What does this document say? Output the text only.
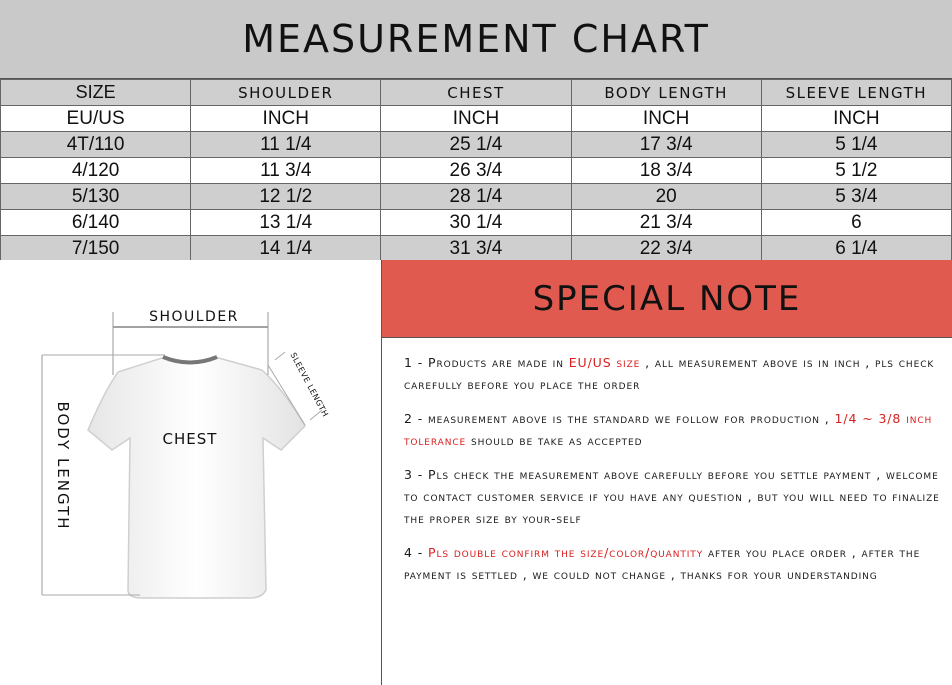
MEASUREMENT CHART
SIZE	SHOULDER	CHEST	BODY LENGTH	SLEEVE LENGTH
EU/US	INCH	INCH	INCH	INCH
4T/110	11 1/4	25 1/4	17 3/4	5 1/4
4/120	11 3/4	26 3/4	18 3/4	5 1/2
5/130	12 1/2	28 1/4	20	5 3/4
6/140	13 1/4	30 1/4	21 3/4	6
7/150	14 1/4	31 3/4	22 3/4	6 1/4
SHOULDER
CHEST
BODY LENGTH
SLEEVE LENGTH
SPECIAL NOTE
1 - Products are made in EU/US size , all measurement above is in inch , pls check carefully before you place the order
2 - measurement above is the standard we follow for production , 1/4 ~ 3/8 inch tolerance should be take as accepted
3 - Pls check the measurement above carefully before you settle payment , welcome to contact customer service if you have any question , but you will need to finalize the proper size by your-self
4 - Pls double confirm the size/color/quantity after you place order , after the payment is settled , we could not change , thanks for your understanding
